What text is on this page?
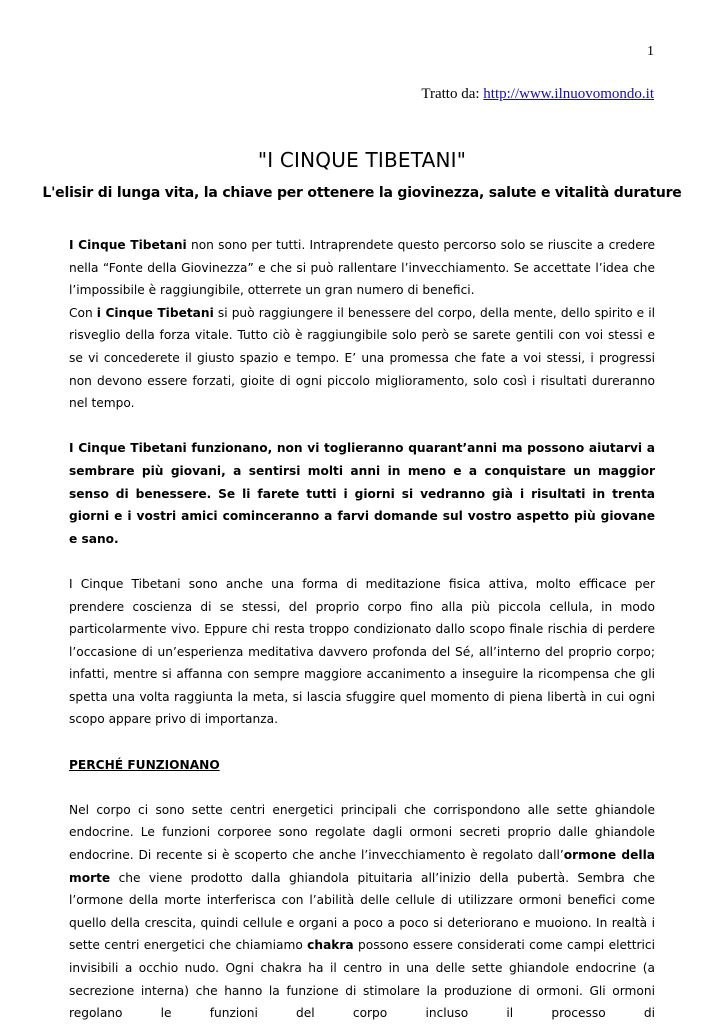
1
Tratto da: http://www.ilnuovomondo.it
"I CINQUE TIBETANI"
L'elisir di lunga vita, la chiave per ottenere la giovinezza, salute e vitalità durature

I Cinque Tibetani non sono per tutti. Intraprendete questo percorso solo se riuscite a credere nella “Fonte della Giovinezza” e che si può rallentare l’invecchiamento. Se accettate l’idea che l’impossibile è raggiungibile, otterrete un gran numero di benefici.

Con i Cinque Tibetani si può raggiungere il benessere del corpo, della mente, dello spirito e il risveglio della forza vitale. Tutto ciò è raggiungibile solo però se sarete gentili con voi stessi e se vi concederete il giusto spazio e tempo. E’ una promessa che fate a voi stessi, i progressi non devono essere forzati, gioite di ogni piccolo miglioramento, solo così i risultati dureranno nel tempo.

I Cinque Tibetani funzionano, non vi toglieranno quarant’anni ma possono aiutarvi a sembrare più giovani, a sentirsi molti anni in meno e a conquistare un maggior senso di benessere. Se li farete tutti i giorni si vedranno già i risultati in trenta giorni e i vostri amici cominceranno a farvi domande sul vostro aspetto più giovane e sano.

I Cinque Tibetani sono anche una forma di meditazione fisica attiva, molto efficace per prendere coscienza di se stessi, del proprio corpo fino alla più piccola cellula, in modo particolarmente vivo. Eppure chi resta troppo condizionato dallo scopo finale rischia di perdere l’occasione di un’esperienza meditativa davvero profonda del Sé, all’interno del proprio corpo; infatti, mentre si affanna con sempre maggiore accanimento a inseguire la ricompensa che gli spetta una volta raggiunta la meta, si lascia sfuggire quel momento di piena libertà in cui ogni scopo appare privo di importanza.

PERCHÉ FUNZIONANO

Nel corpo ci sono sette centri energetici principali che corrispondono alle sette ghiandole endocrine. Le funzioni corporee sono regolate dagli ormoni secreti proprio dalle ghiandole endocrine. Di recente si è scoperto che anche l’invecchiamento è regolato dall’ormone della morte che viene prodotto dalla ghiandola pituitaria all’inizio della pubertà. Sembra che l’ormone della morte interferisca con l’abilità delle cellule di utilizzare ormoni benefici come quello della crescita, quindi cellule e organi a poco a poco si deteriorano e muoiono. In realtà i sette centri energetici che chiamiamo chakra possono essere considerati come campi elettrici invisibili a occhio nudo. Ogni chakra ha il centro in una delle sette ghiandole endocrine (a secrezione interna) che hanno la funzione di stimolare la produzione di ormoni. Gli ormoni regolano le funzioni del corpo incluso il processo di
